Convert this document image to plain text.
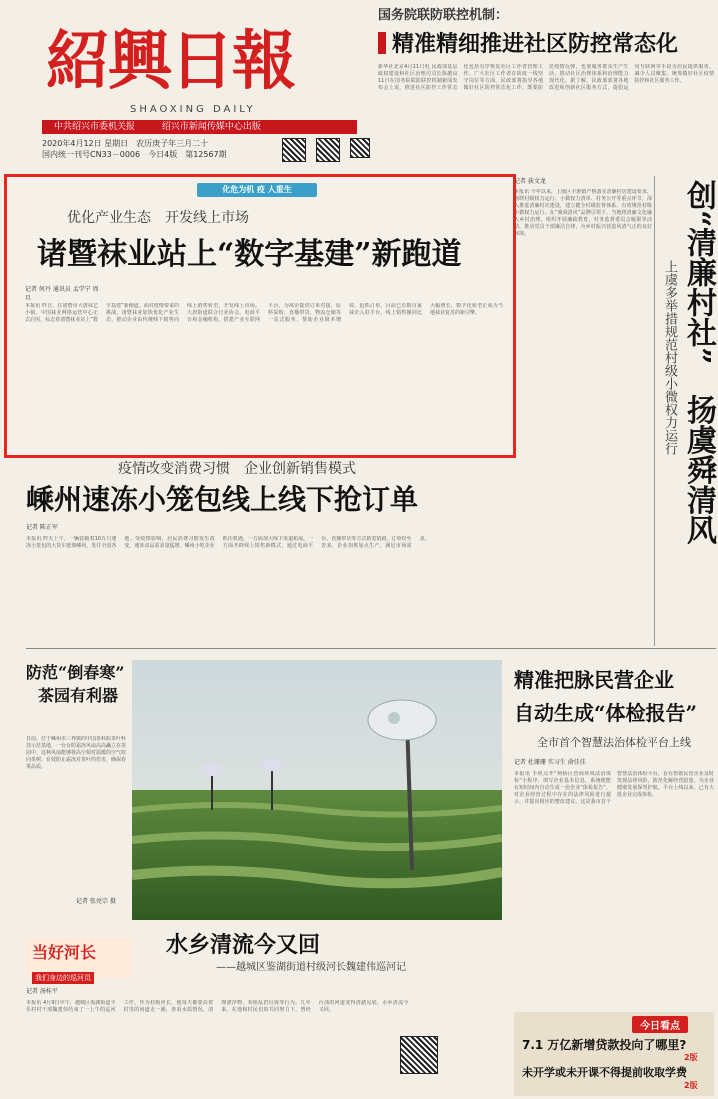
紹興日報
SHAOXING DAILY
中共绍兴市委机关报	绍兴市新闻传媒中心出版
2020年4月12日 星期日　农历庚子年三月二十
国内统一刊号CN33－0006　今日4版　第12567期
国务院联防联控机制：
精准精细推进社区防控常态化
新华社北京4月11日电 民政部基层政权建设和社区治理司司长陈越良11日在国务院联防联控机制新闻发布会上说，推进社区防控工作常态化包括有序恢复社区工作者管理工作、广大社区工作者在防疫一线坚守岗位等方面。民政部将指导各地做好社区防控常态化工作，既要防范疫情反弹，也要服务群众生产生活，推动社区治理体系和治理能力现代化。据了解，民政部部署各地改进和创新社区服务方式，提倡运用互联网等手段为居民提供服务，减少人员聚集，统筹做好社区疫情防控和社区服务工作。
化危为机 疫 人重生
优化产业生态　开发线上市场
诸暨袜业站上“数字基建”新跑道
记者 何丹 通讯员 孟学宁 周 旦
本报讯 昨日，在诸暨市大唐袜艺小镇，中国袜业网络运营中心正式启用，标志着诸暨袜业站上“数字基建”新跑道。面对疫情带来的挑战，诸暨袜业加快优化产业生态，推动企业由传统线下销售向线上销售转型，开发线上市场。大唐街道联合行业协会、电商平台和金融机构，搭建产业互联网平台，为袜企提供订单对接、原料采购、直播带货、物流仓储等一站式服务，帮助企业降本增效、抢抓订单。目前已有数百家袜企入驻平台，线上销售额同比大幅增长，数字化转型正成为当地袜业复苏的新引擎。
记者 荻文龙
本报讯 今年以来，上虞区丰惠镇严格落实清廉村居建设要求，围绕村级权力运行、小微权力清单、村务公开等重点环节，深入推进清廉村社建设，建立健全村级监督体系，有效规范村级小微权力运行。在“虞舜清风”品牌引领下，当地将清廉文化融入乡村治理，组织开展廉政教育、村务监督委员会履职等活动，推动党员干部廉洁自律，为乡村振兴营造风清气正的良好环境。	创“清廉村社”　扬虞舜清风
上虞多举措规范村级小微权力运行
疫情改变消费习惯　企业创新销售模式
嵊州速冻小笼包线上线下抢订单
记者 陈正军
本报讯 昨天上午，一辆装载着10万只速冻小笼包的大货车驶离嵊州，发往全国各地。受疫情影响，居民消费习惯发生改变，速冻食品需求量猛增。嵊州小吃企业抓住机遇，一方面加大线下渠道拓展，一方面开辟线上销售新模式，通过电商平台、直播带货等方式拓宽销路，订单纷至沓来，企业加班加点生产，满足市场需求。
防范“倒春寒”
茶园有利器
日前，位于嵊州市三界镇的中国茶科院茶叶科技示范基地，一台台防霜冻风扇高高矗立在茶园中。这种风扇能够将高空相对温暖的空气吹向茶树，有效防止霜冻对茶叶的伤害，确保春茶品质。
记者 张亮宗 摄
精准把脉民营企业
自动生成“体检报告”
全市首个智慧法治体检平台上线
记者 杜珊珊 实习生 俞佳佳
本报讯 手机点开“柯桥区营商环境法治体检”小程序，填写企业基本信息，系统便能在短时间内自动生成一份企业“体检报告”，对企业经营过程中存在的法律风险进行提示，并提出相应的整改建议。这是我市首个智慧法治体检平台，旨在帮助民营企业及时发现法律风险，防范化解经营隐患，为企业健康发展保驾护航。平台上线以来，已有大批企业完成体检。
水乡清流今又回
——越城区鉴湖街道村级河长魏建伟巡河记
当好河长
我们身边的巡河员
记者 汤桂平
本报讯 4月9日中午，越城区鉴湖街道丰乐村村干部魏建伟结束了一上午的巡河工作。作为村级河长，他每天都要沿着村里的河道走一圈，查看水质情况、清理漂浮物、劝阻乱扔垃圾等行为。几年来，在他和村民们的共同努力下，曾经污浊的河道变得清澈见底，水乡清流今又回。
今日看点
7.1 万亿新增贷款投向了哪里?
2版
未开学或未开课不得提前收取学费
2版
